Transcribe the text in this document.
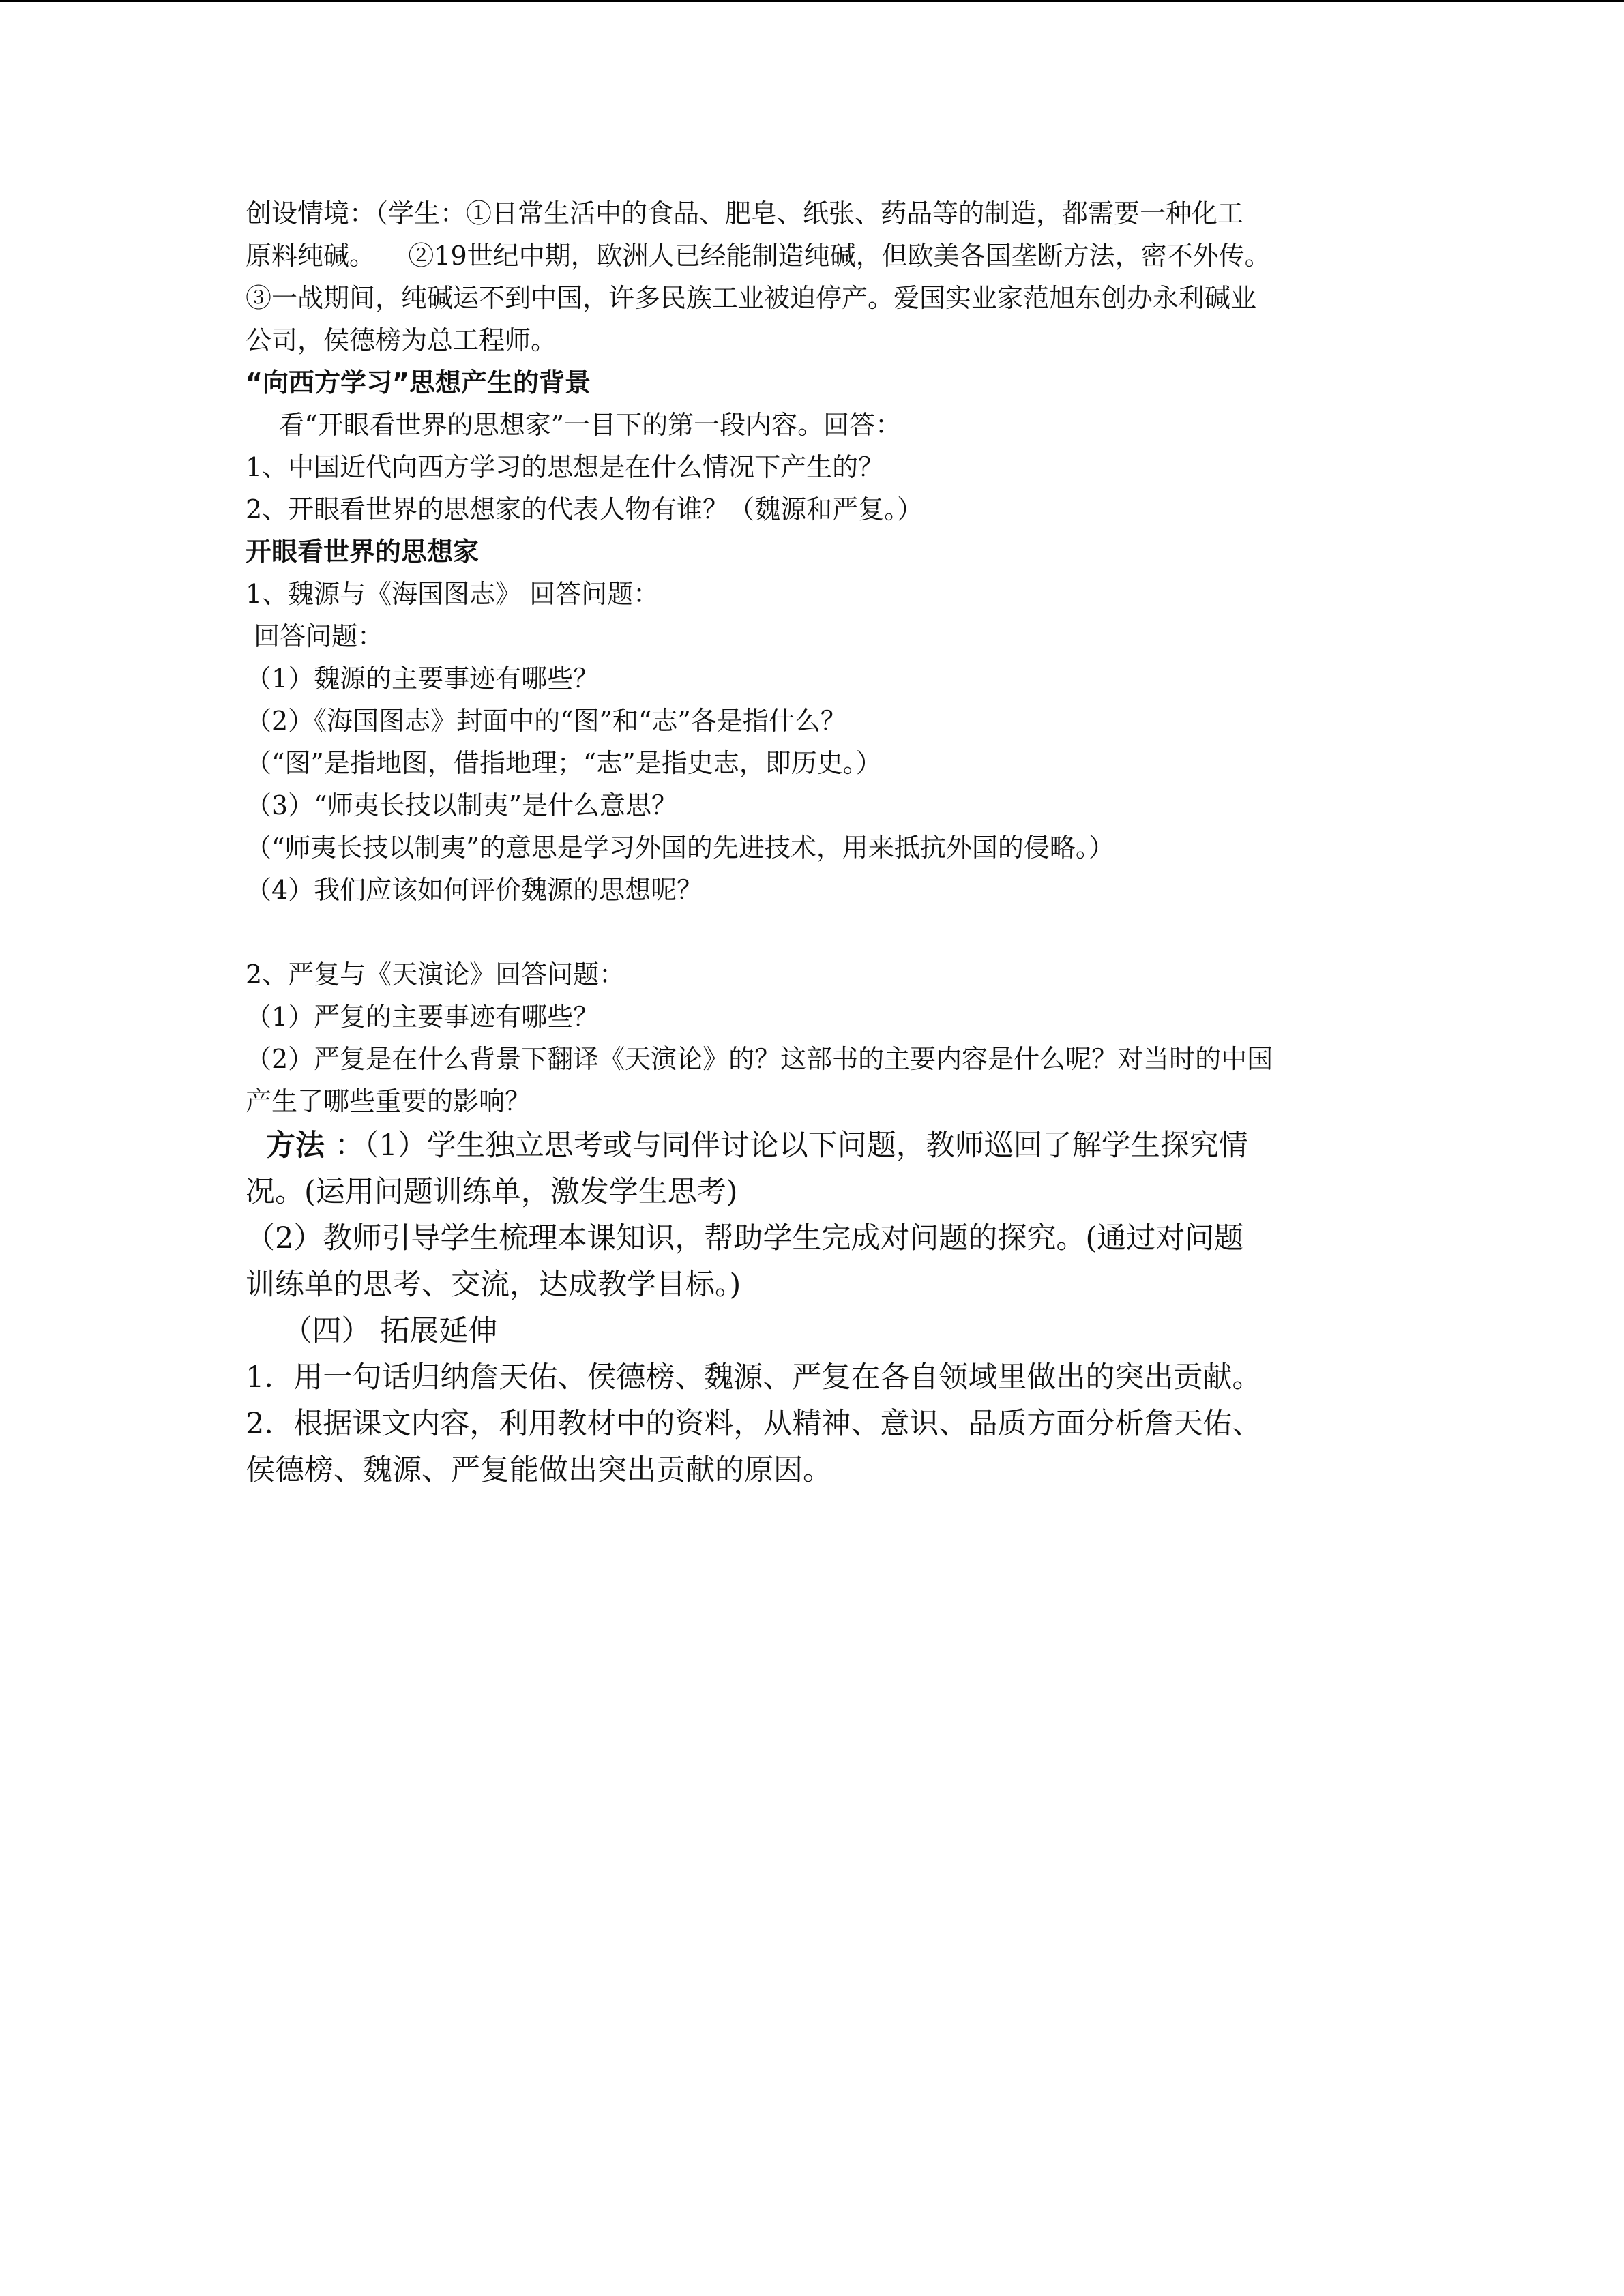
创设情境：（学生：①日常生活中的食品、肥皂、纸张、药品等的制造，都需要一种化工

原料纯碱。    ②19世纪中期，欧洲人已经能制造纯碱，但欧美各国垄断方法，密不外传。

③一战期间，纯碱运不到中国，许多民族工业被迫停产。爱国实业家范旭东创办永利碱业

公司，侯德榜为总工程师。

“向西方学习”思想产生的背景

看“开眼看世界的思想家”一目下的第一段内容。回答：

1、中国近代向西方学习的思想是在什么情况下产生的？

2、开眼看世界的思想家的代表人物有谁？（魏源和严复。）

开眼看世界的思想家

1、魏源与《海国图志》 回答问题：

回答问题：

（1）魏源的主要事迹有哪些？

（2）《海国图志》封面中的“图”和“志”各是指什么？

（“图”是指地图，借指地理；“志”是指史志，即历史。）

（3）“师夷长技以制夷”是什么意思？

（“师夷长技以制夷”的意思是学习外国的先进技术，用来抵抗外国的侵略。）

（4）我们应该如何评价魏源的思想呢？

2、严复与《天演论》回答问题：

（1）严复的主要事迹有哪些？

（2）严复是在什么背景下翻译《天演论》的？这部书的主要内容是什么呢？对当时的中国

产生了哪些重要的影响？

方法 ：（1）学生独立思考或与同伴讨论以下问题，教师巡回了解学生探究情

况。(运用问题训练单，激发学生思考)

（2）教师引导学生梳理本课知识，帮助学生完成对问题的探究。(通过对问题

训练单的思考、交流，达成教学目标。)

（四） 拓展延伸

1．用一句话归纳詹天佑、侯德榜、魏源、严复在各自领域里做出的突出贡献。

2．根据课文内容，利用教材中的资料，从精神、意识、品质方面分析詹天佑、

侯德榜、魏源、严复能做出突出贡献的原因。
